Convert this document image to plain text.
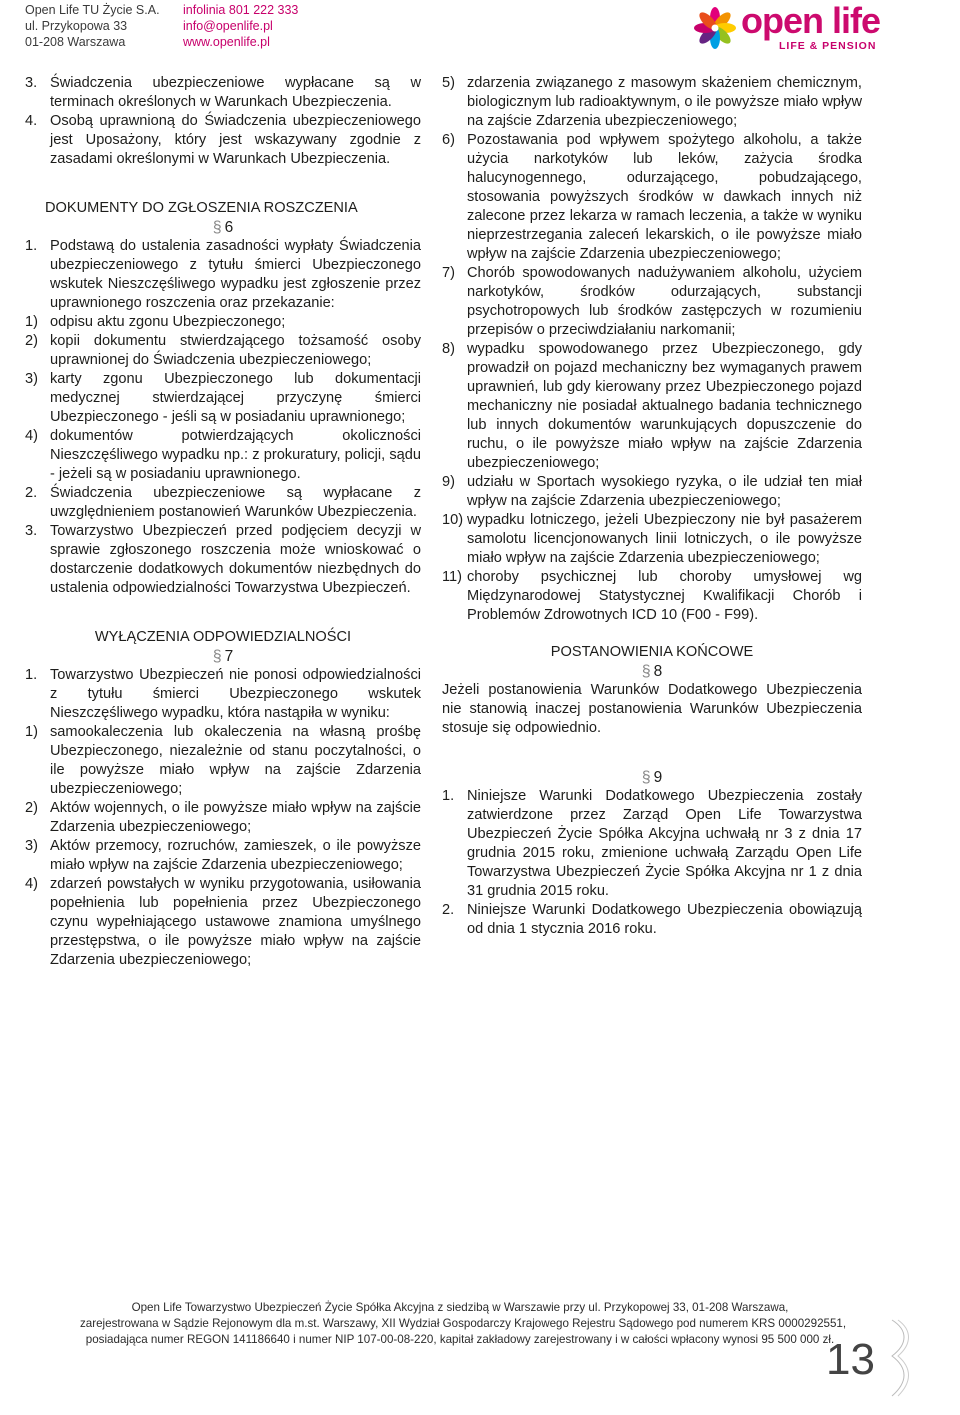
Open Life TU Życie S.A.
ul. Przykopowa 33
01-208 Warszawa
infolinia 801 222 333
info@openlife.pl
www.openlife.pl
open life
LIFE & PENSION

3. Świadczenia ubezpieczeniowe wypłacane są w terminach określonych w Warunkach Ubezpieczenia.

4. Osobą uprawnioną do Świadczenia ubezpieczeniowego jest Uposażony, który jest wskazywany zgodnie z zasadami określonymi w Warunkach Ubezpieczenia.

DOKUMENTY DO ZGŁOSZENIA ROSZCZENIA

§ 6

1. Podstawą do ustalenia zasadności wypłaty Świadczenia ubezpieczeniowego z tytułu śmierci Ubezpieczonego wskutek Nieszczęśliwego wypadku jest zgłoszenie przez uprawnionego roszczenia oraz przekazanie:

1) odpisu aktu zgonu Ubezpieczonego;

2) kopii dokumentu stwierdzającego tożsamość osoby uprawnionej do Świadczenia ubezpieczeniowego;

3) karty zgonu Ubezpieczonego lub dokumentacji medycznej stwierdzającej przyczynę śmierci Ubezpieczonego - jeśli są w posiadaniu uprawnionego;

4) dokumentów potwierdzających okoliczności Nieszczęśliwego wypadku np.: z prokuratury, policji, sądu - jeżeli są w posiadaniu uprawnionego.

2. Świadczenia ubezpieczeniowe są wypłacane z uwzględnieniem postanowień Warunków Ubezpieczenia.

3. Towarzystwo Ubezpieczeń przed podjęciem decyzji w sprawie zgłoszonego roszczenia może wnioskować o dostarczenie dodatkowych dokumentów niezbędnych do ustalenia odpowiedzialności Towarzystwa Ubezpieczeń.

WYŁĄCZENIA ODPOWIEDZIALNOŚCI

§ 7

1. Towarzystwo Ubezpieczeń nie ponosi odpowiedzialności z tytułu śmierci Ubezpieczonego wskutek Nieszczęśliwego wypadku, która nastąpiła w wyniku:

1) samookaleczenia lub okaleczenia na własną prośbę Ubezpieczonego, niezależnie od stanu poczytalności, o ile powyższe miało wpływ na zajście Zdarzenia ubezpieczeniowego;

2) Aktów wojennych, o ile powyższe miało wpływ na zajście Zdarzenia ubezpieczeniowego;

3) Aktów przemocy, rozruchów, zamieszek, o ile powyższe miało wpływ na zajście Zdarzenia ubezpieczeniowego;

4) zdarzeń powstałych w wyniku przygotowania, usiłowania popełnienia lub popełnienia przez Ubezpieczonego czynu wypełniającego ustawowe znamiona umyślnego przestępstwa, o ile powyższe miało wpływ na zajście Zdarzenia ubezpieczeniowego;

5) zdarzenia związanego z masowym skażeniem chemicznym, biologicznym lub radioaktywnym, o ile powyższe miało wpływ na zajście Zdarzenia ubezpieczeniowego;

6) Pozostawania pod wpływem spożytego alkoholu, a także użycia narkotyków lub leków, zażycia środka halucynogennego, odurzającego, pobudzającego, stosowania powyższych środków w dawkach innych niż zalecone przez lekarza w ramach leczenia, a także w wyniku nieprzestrzegania zaleceń lekarskich, o ile powyższe miało wpływ na zajście Zdarzenia ubezpieczeniowego;

7) Chorób spowodowanych nadużywaniem alkoholu, użyciem narkotyków, środków odurzających, substancji psychotropowych lub środków zastępczych w rozumieniu przepisów o przeciwdziałaniu narkomanii;

8) wypadku spowodowanego przez Ubezpieczonego, gdy prowadził on pojazd mechaniczny bez wymaganych prawem uprawnień, lub gdy kierowany przez Ubezpieczonego pojazd mechaniczny nie posiadał aktualnego badania technicznego lub innych dokumentów warunkujących dopuszczenie do ruchu, o ile powyższe miało wpływ na zajście Zdarzenia ubezpieczeniowego;

9) udziału w Sportach wysokiego ryzyka, o ile udział ten miał wpływ na zajście Zdarzenia ubezpieczeniowego;

10) wypadku lotniczego, jeżeli Ubezpieczony nie był pasażerem samolotu licencjonowanych linii lotniczych, o ile powyższe miało wpływ na zajście Zdarzenia ubezpieczeniowego;

11) choroby psychicznej lub choroby umysłowej wg Międzynarodowej Statystycznej Kwalifikacji Chorób i Problemów Zdrowotnych ICD 10 (F00 - F99).

POSTANOWIENIA KOŃCOWE

§ 8

Jeżeli postanowienia Warunków Dodatkowego Ubezpieczenia nie stanowią inaczej postanowienia Warunków Ubezpieczenia stosuje się odpowiednio.

§ 9

1. Niniejsze Warunki Dodatkowego Ubezpieczenia zostały zatwierdzone przez Zarząd Open Life Towarzystwa Ubezpieczeń Życie Spółka Akcyjna uchwałą nr 3 z dnia 17 grudnia 2015 roku, zmienione uchwałą Zarządu Open Life Towarzystwa Ubezpieczeń Życie Spółka Akcyjna nr 1 z dnia 31 grudnia 2015 roku.

2. Niniejsze Warunki Dodatkowego Ubezpieczenia obowiązują od dnia 1 stycznia 2016 roku.

Open Life Towarzystwo Ubezpieczeń Życie Spółka Akcyjna z siedzibą w Warszawie przy ul. Przykopowej 33, 01-208 Warszawa,
zarejestrowana w Sądzie Rejonowym dla m.st. Warszawy, XII Wydział Gospodarczy Krajowego Rejestru Sądowego pod numerem KRS 0000292551,
posiadająca numer REGON 141186640 i numer NIP 107-00-08-220, kapitał zakładowy zarejestrowany i w całości wpłacony wynosi 95 500 000 zł.
13
